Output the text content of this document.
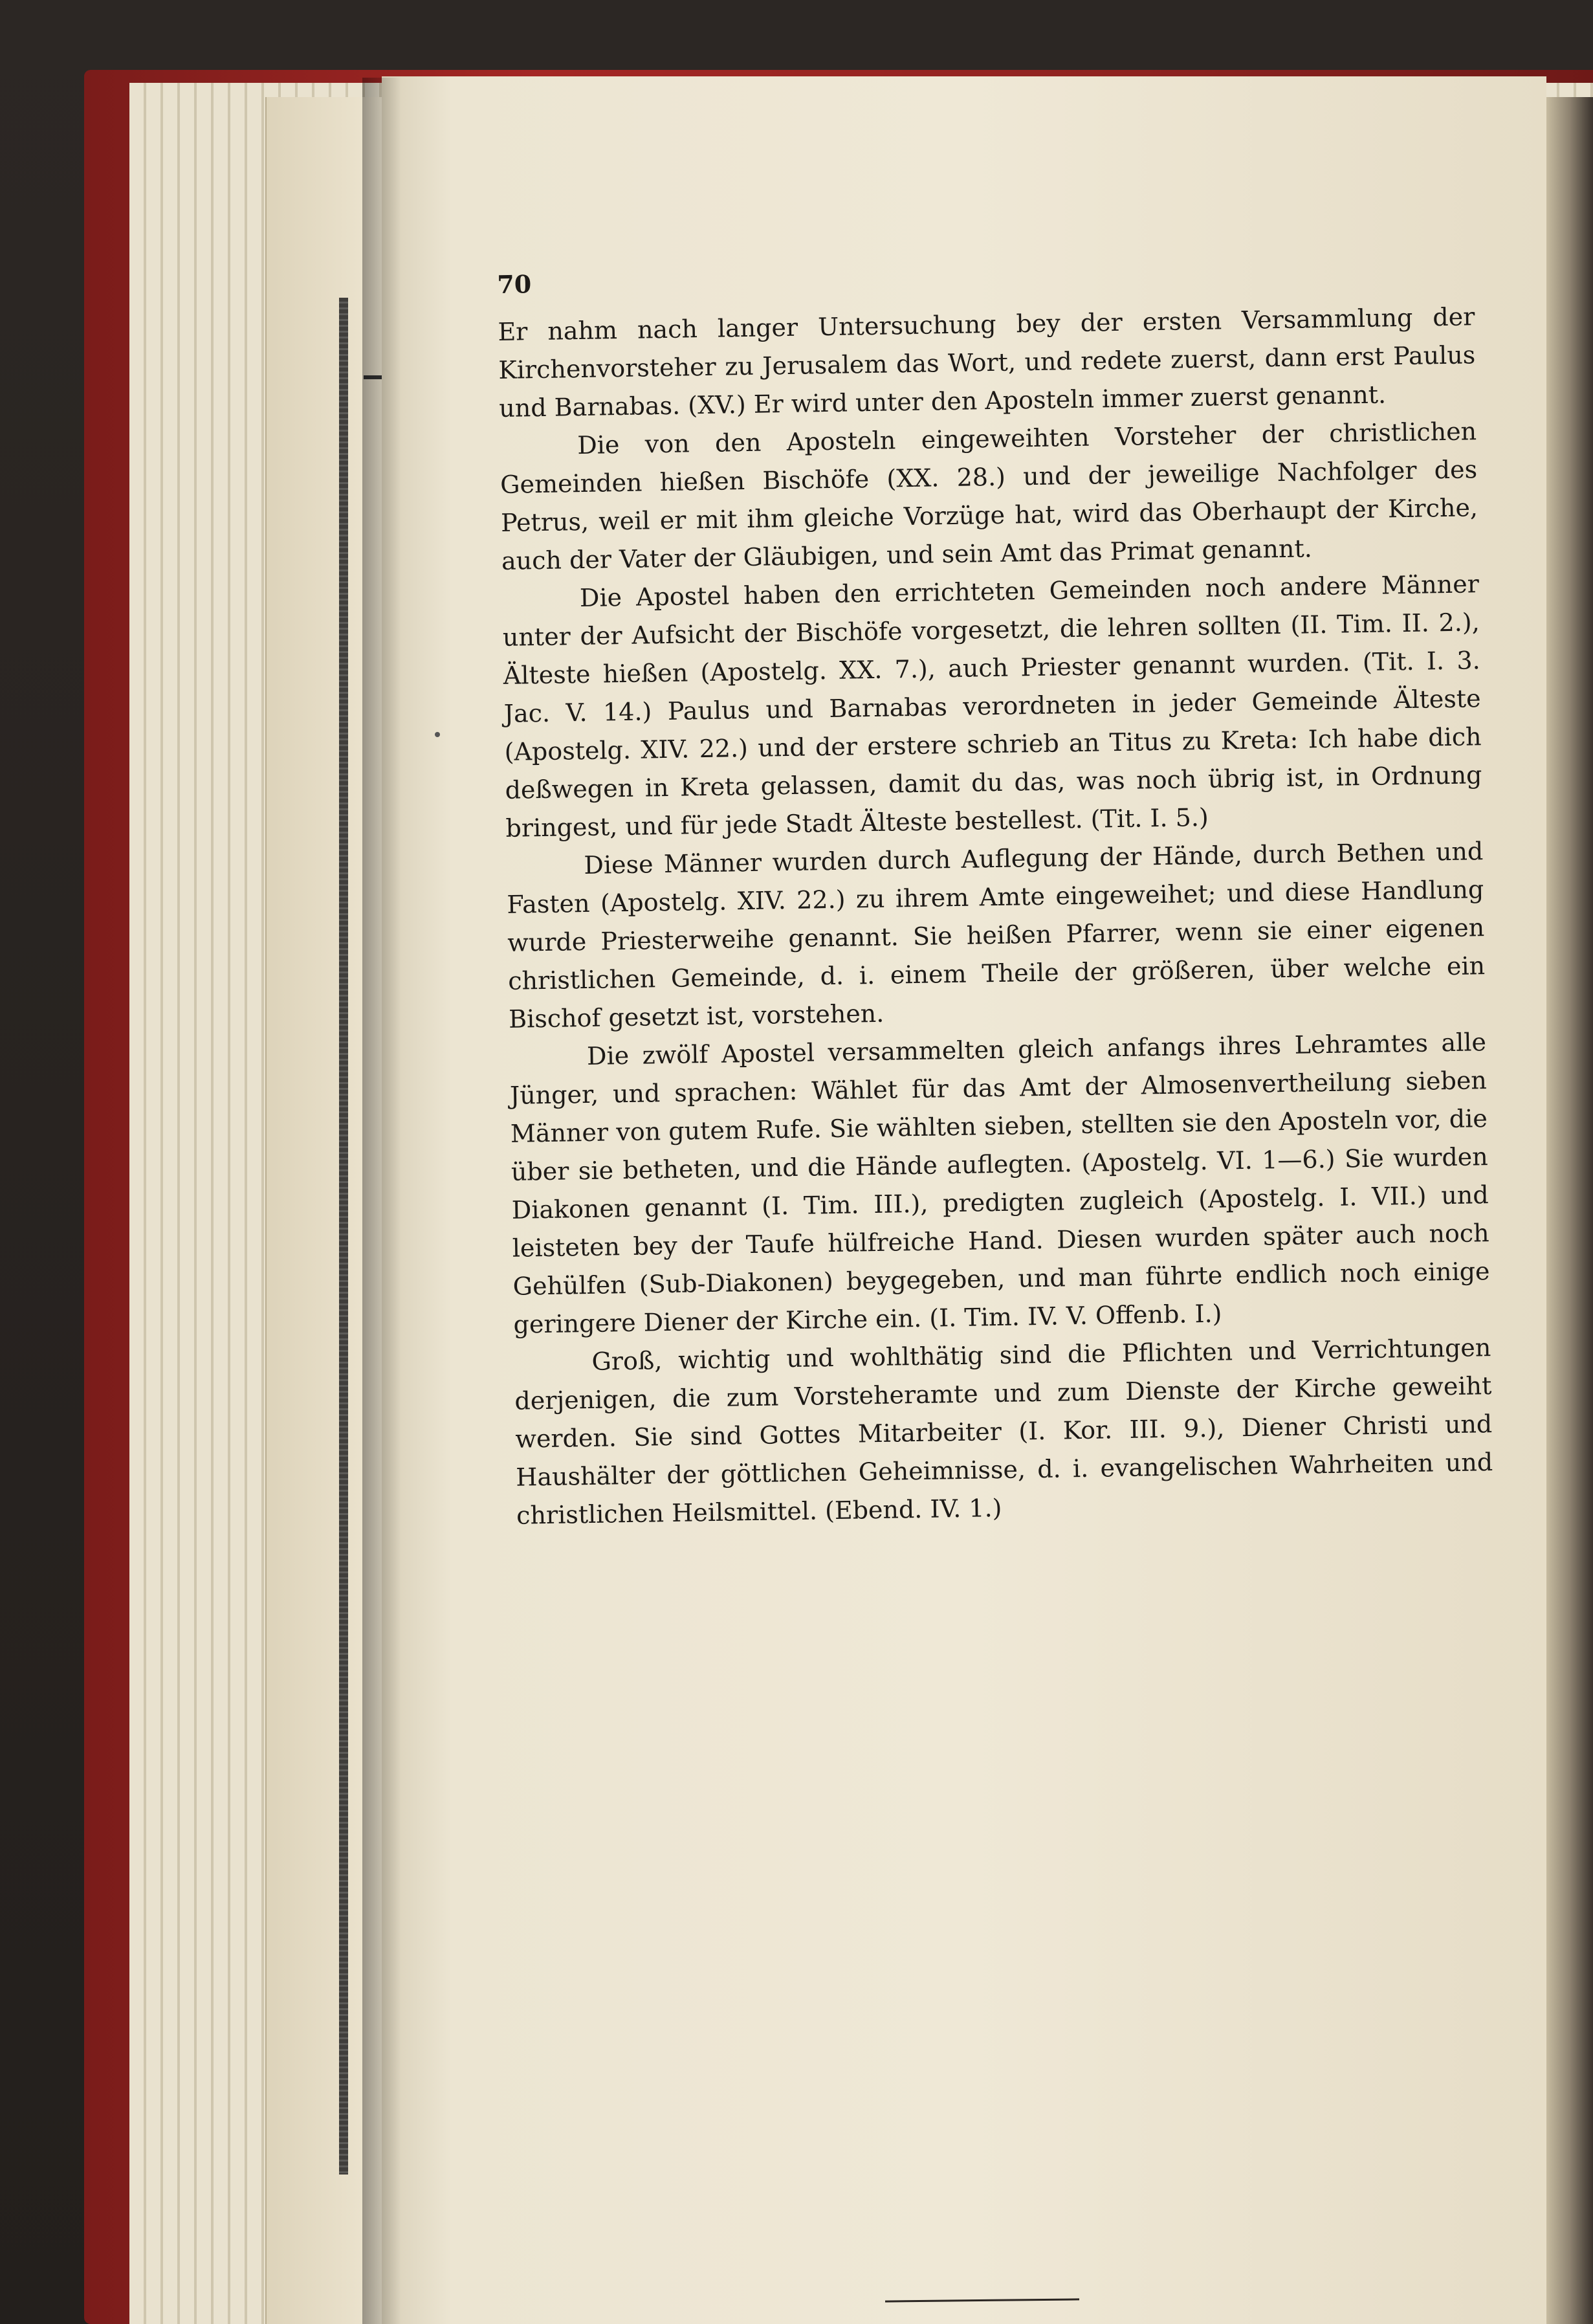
70

Er nahm nach langer Untersuchung bey der ersten Versammlung der Kirchenvorsteher zu Jerusalem das Wort, und redete zuerst, dann erst Paulus und Barnabas. (XV.) Er wird unter den Aposteln immer zuerst genannt.

Die von den Aposteln eingeweihten Vorsteher der christlichen Gemeinden hießen Bischöfe (XX. 28.) und der jeweilige Nachfolger des Petrus, weil er mit ihm gleiche Vorzüge hat, wird das Oberhaupt der Kirche, auch der Vater der Gläubigen, und sein Amt das Primat genannt.

Die Apostel haben den errichteten Gemeinden noch andere Männer unter der Aufsicht der Bischöfe vorgesetzt, die lehren sollten (II. Tim. II. 2.), Älteste hießen (Apostelg. XX. 7.), auch Priester genannt wurden. (Tit. I. 3. Jac. V. 14.) Paulus und Barnabas verordneten in jeder Gemeinde Älteste (Apostelg. XIV. 22.) und der erstere schrieb an Titus zu Kreta: Ich habe dich deßwegen in Kreta gelassen, damit du das, was noch übrig ist, in Ordnung bringest, und für jede Stadt Älteste bestellest. (Tit. I. 5.)

Diese Männer wurden durch Auflegung der Hände, durch Bethen und Fasten (Apostelg. XIV. 22.) zu ihrem Amte eingeweihet; und diese Handlung wurde Priesterweihe genannt. Sie heißen Pfarrer, wenn sie einer eigenen christlichen Gemeinde, d. i. einem Theile der größeren, über welche ein Bischof gesetzt ist, vorstehen.

Die zwölf Apostel versammelten gleich anfangs ihres Lehramtes alle Jünger, und sprachen: Wählet für das Amt der Almosenvertheilung sieben Männer von gutem Rufe. Sie wählten sieben, stellten sie den Aposteln vor, die über sie betheten, und die Hände auflegten. (Apostelg. VI. 1—6.) Sie wurden Diakonen genannt (I. Tim. III.), predigten zugleich (Apostelg. I. VII.) und leisteten bey der Taufe hülfreiche Hand. Diesen wurden später auch noch Gehülfen (Sub-Diakonen) beygegeben, und man führte endlich noch einige geringere Diener der Kirche ein. (I. Tim. IV. V. Offenb. I.)

Groß, wichtig und wohlthätig sind die Pflichten und Verrichtungen derjenigen, die zum Vorsteheramte und zum Dienste der Kirche geweiht werden. Sie sind Gottes Mitarbeiter (I. Kor. III. 9.), Diener Christi und Haushälter der göttlichen Geheimnisse, d. i. evangelischen Wahrheiten und christlichen Heilsmittel. (Ebend. IV. 1.)
